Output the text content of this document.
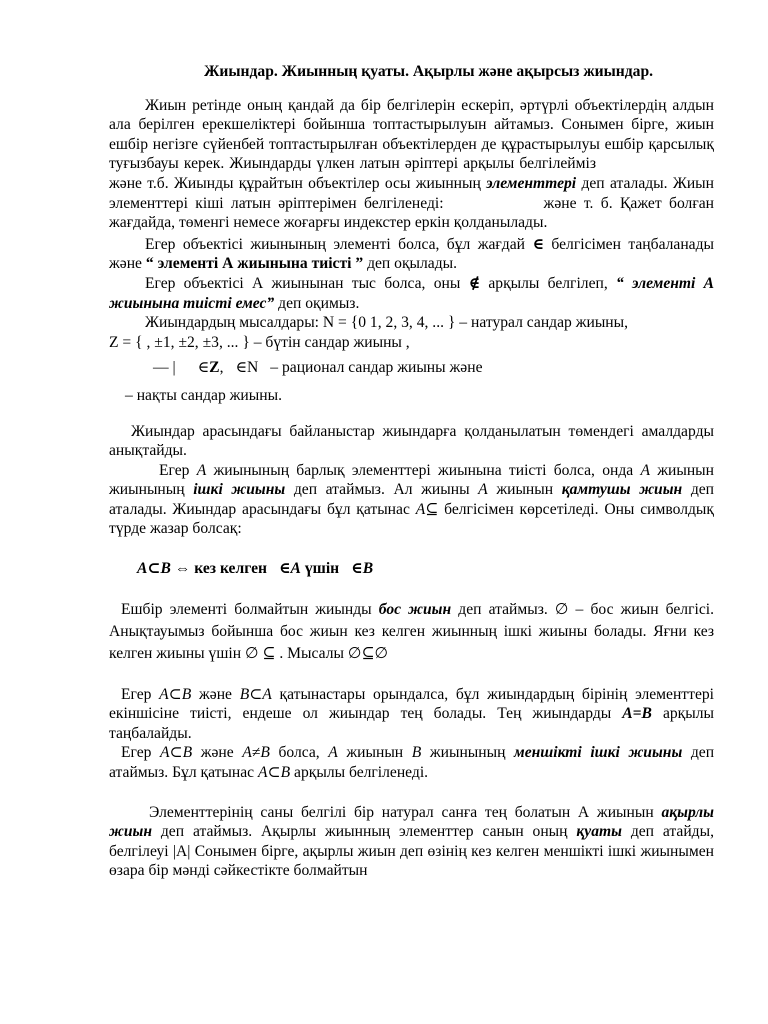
Жиындар. Жиынның қуаты. Ақырлы және ақырсыз жиындар.

Жиын ретінде оның қандай да бір белгілерін ескеріп, әртүрлі объектілердің алдын ала берілген ерекшеліктері бойынша топтастырылуын айтамыз. Сонымен бірге, жиын ешбір негізге сүйенбей топтастырылған объектілерден де құрастырылуы ешбір қарсылық туғызбауы керек. Жиындарды үлкен латын әріптері арқылы белгілеймізжәне т.б. Жиынды құрайтын объектілер осы жиынның элементтері деп аталады. Жиын элементтері кіші латын әріптерімен белгіленеді:	және т. б. Қажет болған жағдайда, төменгі немесе жоғарғы индекстер еркін қолданылады.

Егер объектісі жиынының элементі болса, бұл жағдай ∈ белгісімен таңбаланады және “ элементі А жиынына тиісті ” деп оқылады.

Егер объектісі А жиынынан тыс болса, оны ∉ арқылы белгілеп, “ элементі А жиынына тиісті емес” деп оқимыз.

Жиындардың мысалдары: N = {0 1, 2, 3, 4, ... } – натурал сандар жиыны,

Z = { , ±1, ±2, ±3, ... } – бүтін сандар жиыны ,

— | ∈Z, ∈N – рационал сандар жиыны және

– нақты сандар жиыны.

Жиындар арасындағы байланыстар жиындарға қолданылатын төмендегі амалдарды анықтайды.

Егер A жиынының барлық элементтері жиынына тиісті болса, онда A жиынын жиынының ішкі жиыны деп атаймыз. Ал жиыны A жиынын қамтушы жиын деп аталады. Жиындар арасындағы бұл қатынас A⊆ белгісімен көрсетіледі. Оны символдық түрде жазар болсақ:

A⊂B ⇔ кез келген ∈A үшін ∈B

Ешбір элементі болмайтын жиынды бос жиын деп атаймыз. ∅ – бос жиын белгісі. Анықтауымыз бойынша бос жиын кез келген жиынның ішкі жиыны болады. Яғни кез келген жиыны үшін ∅ ⊆ . Мысалы ∅⊆∅

Егер A⊂B және B⊂A қатынастары орындалса, бұл жиындардың бірінің элементтері екіншісіне тиісті, ендеше ол жиындар тең болады. Тең жиындарды A=B арқылы таңбалайды.

Егер A⊂B және A≠B болса, A жиынын B жиынының меншікті ішкі жиыны деп атаймыз. Бұл қатынас A⊂B арқылы белгіленеді.

Элементтерінің саны белгілі бір натурал санға тең болатын А жиынын ақырлы жиын деп атаймыз. Ақырлы жиынның элементтер санын оның қуаты деп атайды, белгілеуі |A| Сонымен бірге, ақырлы жиын деп өзінің кез келген меншікті ішкі жиынымен өзара бір мәнді сәйкестікте болмайтын
